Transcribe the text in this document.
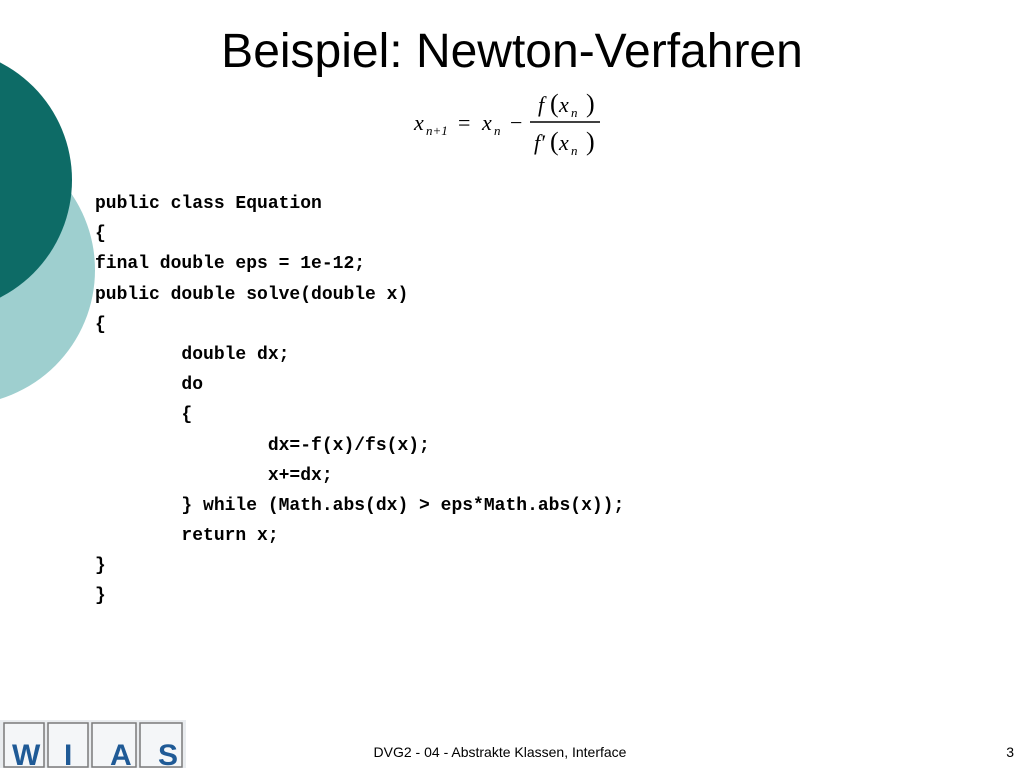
Beispiel: Newton-Verfahren
x n+1 = x n −
f ( x n )
f′ ( x n )
public class Equation
{
final double eps = 1e-12;
public double solve(double x)
{
double dx;
do
{
dx=-f(x)/fs(x);
x+=dx;
} while (Math.abs(dx) > eps*Math.abs(x));
return x;
}
}
W I A S	DVG2 - 04 - Abstrakte Klassen, Interface	3
